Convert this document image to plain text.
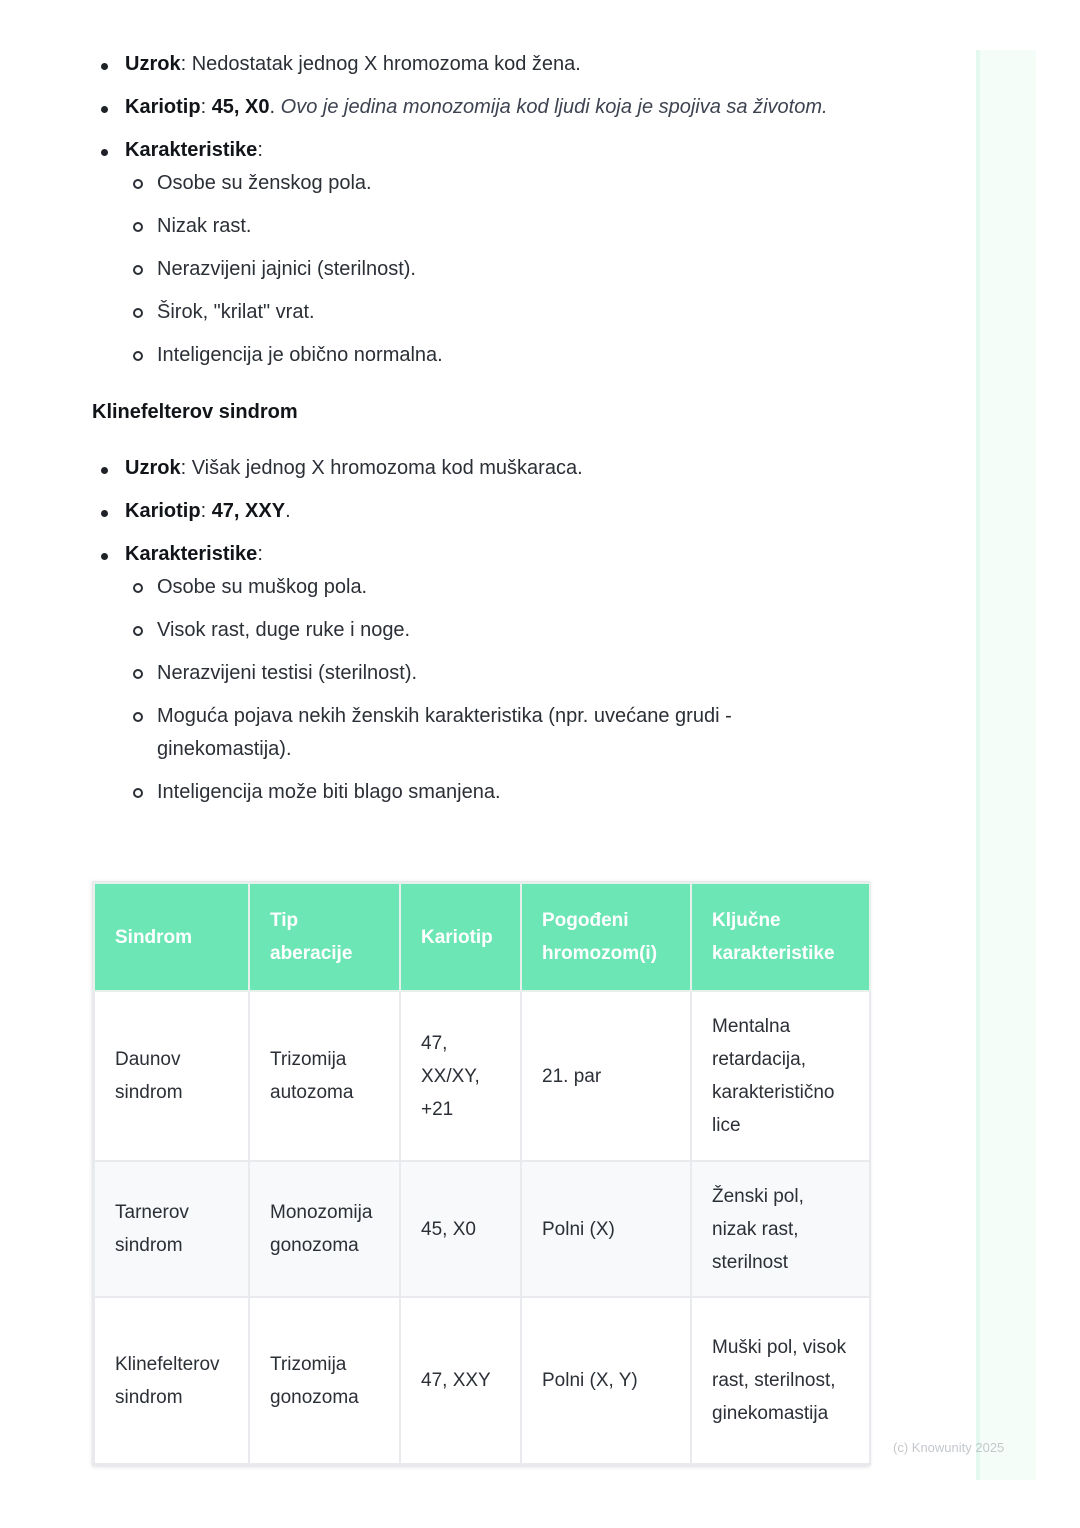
Uzrok: Nedostatak jednog X hromozoma kod žena.
Kariotip: 45, X0. Ovo je jedina monozomija kod ljudi koja je spojiva sa životom.
Karakteristike:
Osobe su ženskog pola.
Nizak rast.
Nerazvijeni jajnici (sterilnost).
Širok, "krilat" vrat.
Inteligencija je obično normalna.
Klinefelterov sindrom
Uzrok: Višak jednog X hromozoma kod muškaraca.
Kariotip: 47, XXY.
Karakteristike:
Osobe su muškog pola.
Visok rast, duge ruke i noge.
Nerazvijeni testisi (sterilnost).
Moguća pojava nekih ženskih karakteristika (npr. uvećane grudi - ginekomastija).
Inteligencija može biti blago smanjena.
Sindrom	Tip aberacije	Kariotip	Pogođeni hromozom(i)	Ključne karakteristike
Daunov sindrom	Trizomija autozoma	47, XX/XY, +21	21. par	Mentalna retardacija, karakteristično lice
Tarnerov sindrom	Monozomija gonozoma	45, X0	Polni (X)	Ženski pol, nizak rast, sterilnost
Klinefelterov sindrom	Trizomija gonozoma	47, XXY	Polni (X, Y)	Muški pol, visok rast, sterilnost, ginekomastija
(c) Knowunity 2025
